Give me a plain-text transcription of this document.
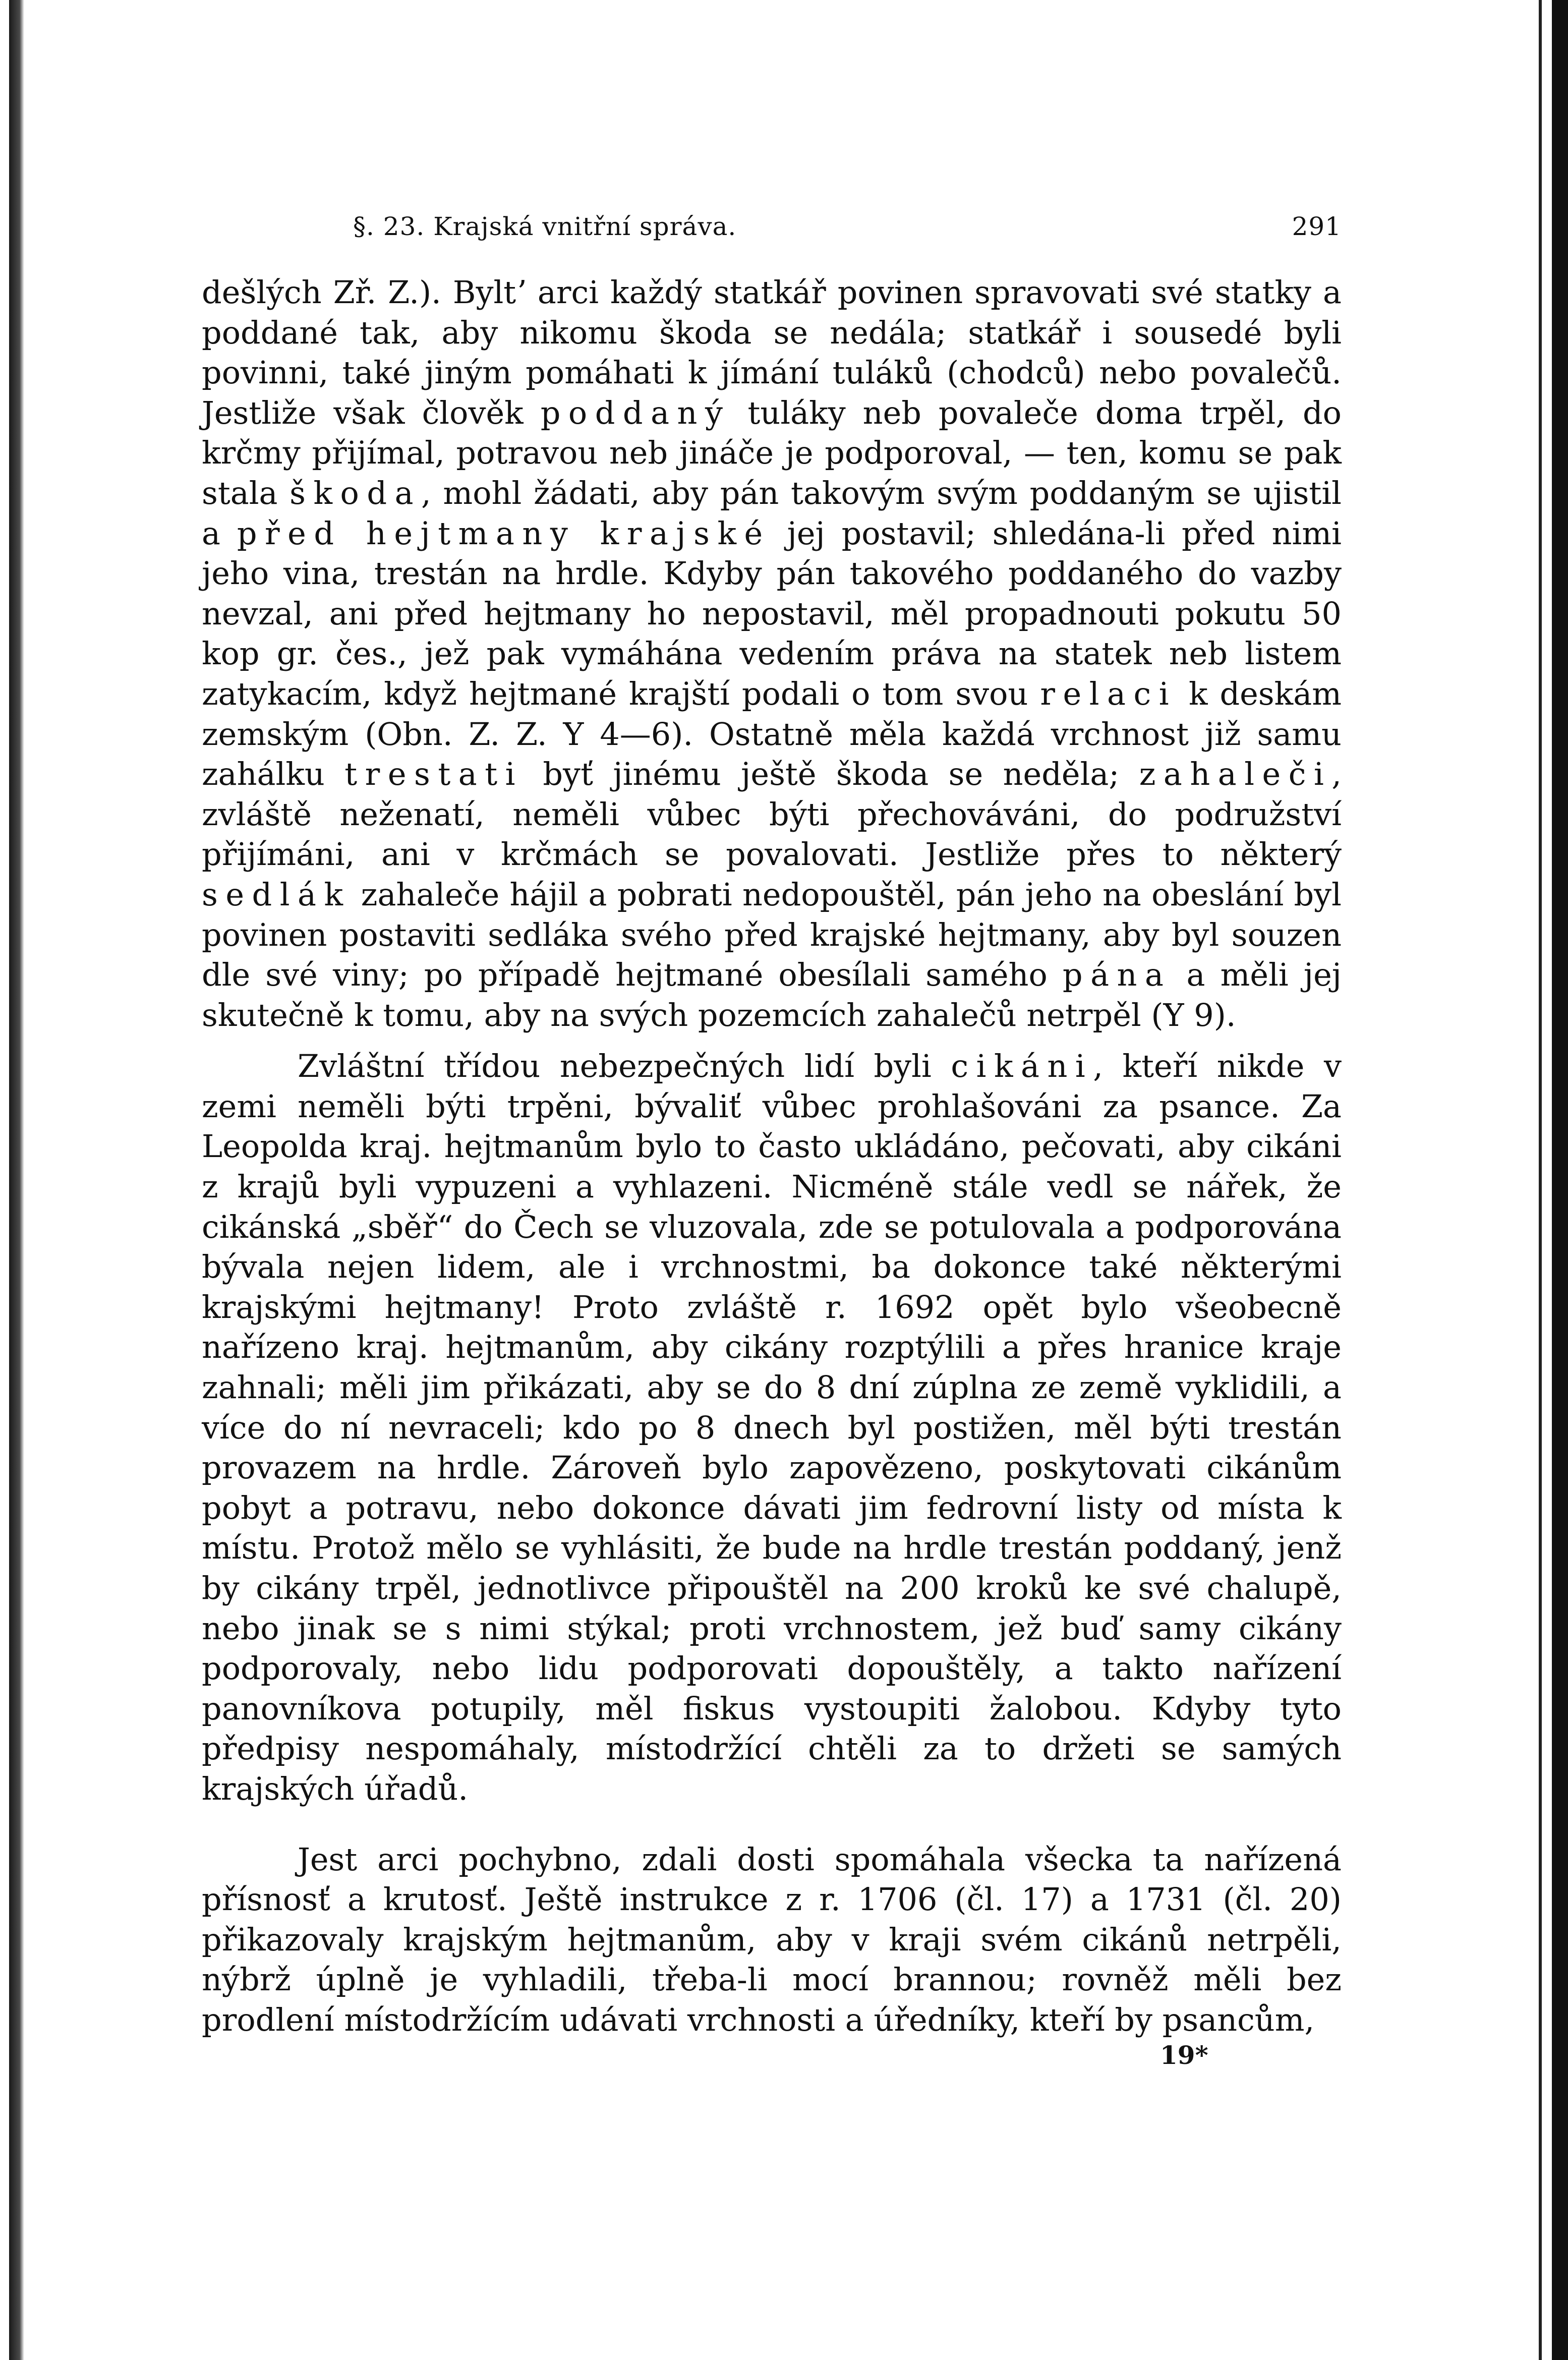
§. 23. Krajská vnitřní správa.	291

dešlých Zř. Z.). Byltʼ arci každý statkář povinen spravovati své statky a poddané tak, aby nikomu škoda se nedála; statkář i sousedé byli povinni, také jiným pomáhati k jímání tuláků (chodců) nebo povalečů. Jestliže však člověk poddaný tuláky neb povaleče doma trpěl, do krčmy přijímal, potravou neb jináče je podporoval, — ten, komu se pak stala škoda, mohl žádati, aby pán takovým svým poddaným se ujistil a před hejtmany krajské jej postavil; shledána-li před nimi jeho vina, trestán na hrdle. Kdyby pán takového poddaného do vazby nevzal, ani před hejtmany ho nepostavil, měl propadnouti pokutu 50 kop gr. čes., jež pak vymáhána vedením práva na statek neb listem zatykacím, když hejtmané krajští podali o tom svou relaci k deskám zemským (Obn. Z. Z. Y 4—6). Ostatně měla každá vrchnost již samu zahálku trestati byť jinému ještě škoda se neděla; zahaleči, zvláště neženatí, neměli vůbec býti přechováváni, do podružství přijímáni, ani v krčmách se povalovati. Jestliže přes to některý sedlák zahaleče hájil a pobrati nedopouštěl, pán jeho na obeslání byl povinen postaviti sedláka svého před krajské hejtmany, aby byl souzen dle své viny; po případě hejtmané obesílali samého pána a měli jej skutečně k tomu, aby na svých pozemcích zahalečů netrpěl (Y 9).

Zvláštní třídou nebezpečných lidí byli cikáni, kteří nikde v zemi neměli býti trpěni, bývaliť vůbec prohlašováni za psance. Za Leopolda kraj. hejtmanům bylo to často ukládáno, pečovati, aby cikáni z krajů byli vypuzeni a vyhlazeni. Nicméně stále vedl se nářek, že cikánská „sběř“ do Čech se vluzovala, zde se potulovala a podporována bývala nejen lidem, ale i vrchnostmi, ba dokonce také některými krajskými hejtmany! Proto zvláště r. 1692 opět bylo všeobecně nařízeno kraj. hejtmanům, aby cikány rozptýlili a přes hranice kraje zahnali; měli jim přikázati, aby se do 8 dní zúplna ze země vyklidili, a více do ní nevraceli; kdo po 8 dnech byl postižen, měl býti trestán provazem na hrdle. Zároveň bylo zapovězeno, poskytovati cikánům pobyt a potravu, nebo dokonce dávati jim fedrovní listy od místa k místu. Protož mělo se vyhlásiti, že bude na hrdle trestán poddaný, jenž by cikány trpěl, jednotlivce připouštěl na 200 kroků ke své chalupě, nebo jinak se s nimi stýkal; proti vrchnostem, jež buď samy cikány podporovaly, nebo lidu podporovati dopouštěly, a takto nařízení panovníkova potupily, měl fiskus vystoupiti žalobou. Kdyby tyto předpisy nespomáhaly, místodržící chtěli za to držeti se samých krajských úřadů.

Jest arci pochybno, zdali dosti spomáhala všecka ta nařízená přísnosť a krutosť. Ještě instrukce z r. 1706 (čl. 17) a 1731 (čl. 20) přikazovaly krajským hejtmanům, aby v kraji svém cikánů netrpěli, nýbrž úplně je vyhladili, třeba-li mocí brannou; rovněž měli bez prodlení místodržícím udávati vrchnosti a úředníky, kteří by psancům,

19*
